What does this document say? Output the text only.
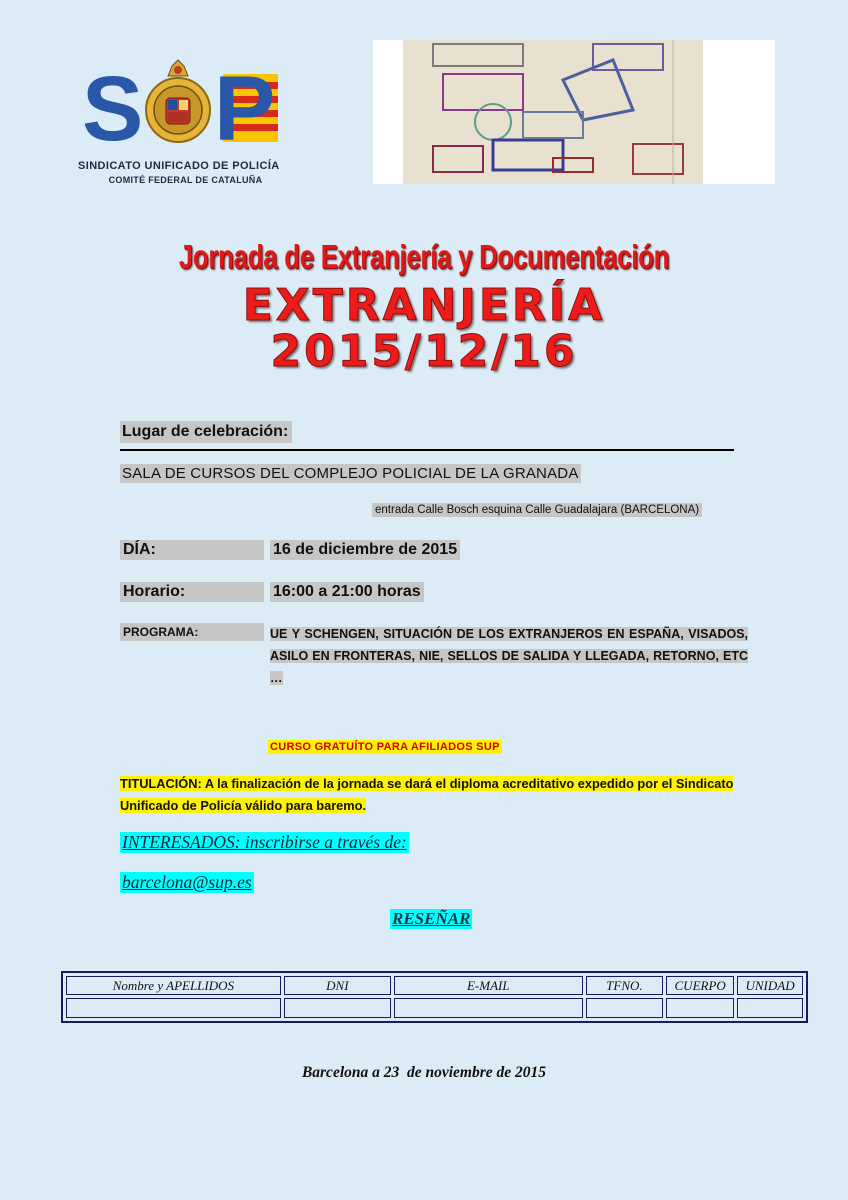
S P
SINDICATO UNIFICADO DE POLICÍA
COMITÉ FEDERAL DE CATALUÑA
Jornada de Extranjería y Documentación
EXTRANJERÍA
2015/12/16
Lugar de celebración:
SALA DE CURSOS DEL COMPLEJO POLICIAL DE LA GRANADA
entrada Calle Bosch esquina Calle Guadalajara (BARCELONA)
DÍA:	16 de diciembre de 2015
Horario:	16:00 a 21:00 horas
PROGRAMA:	UE Y SCHENGEN, SITUACIÓN DE LOS EXTRANJEROS EN ESPAÑA, VISADOS, ASILO EN FRONTERAS, NIE, SELLOS DE SALIDA Y LLEGADA, RETORNO, ETC …
CURSO GRATUÍTO PARA AFILIADOS SUP
TITULACIÓN: A la finalización de la jornada se dará el diploma acreditativo expedido por el Sindicato Unificado de Policía válido para baremo.
INTERESADOS: inscribirse a través de:
barcelona@sup.es
RESEÑAR
Nombre y APELLIDOS	DNI	E-MAIL	TFNO.	CUERPO	UNIDAD

Barcelona a 23  de noviembre de 2015
